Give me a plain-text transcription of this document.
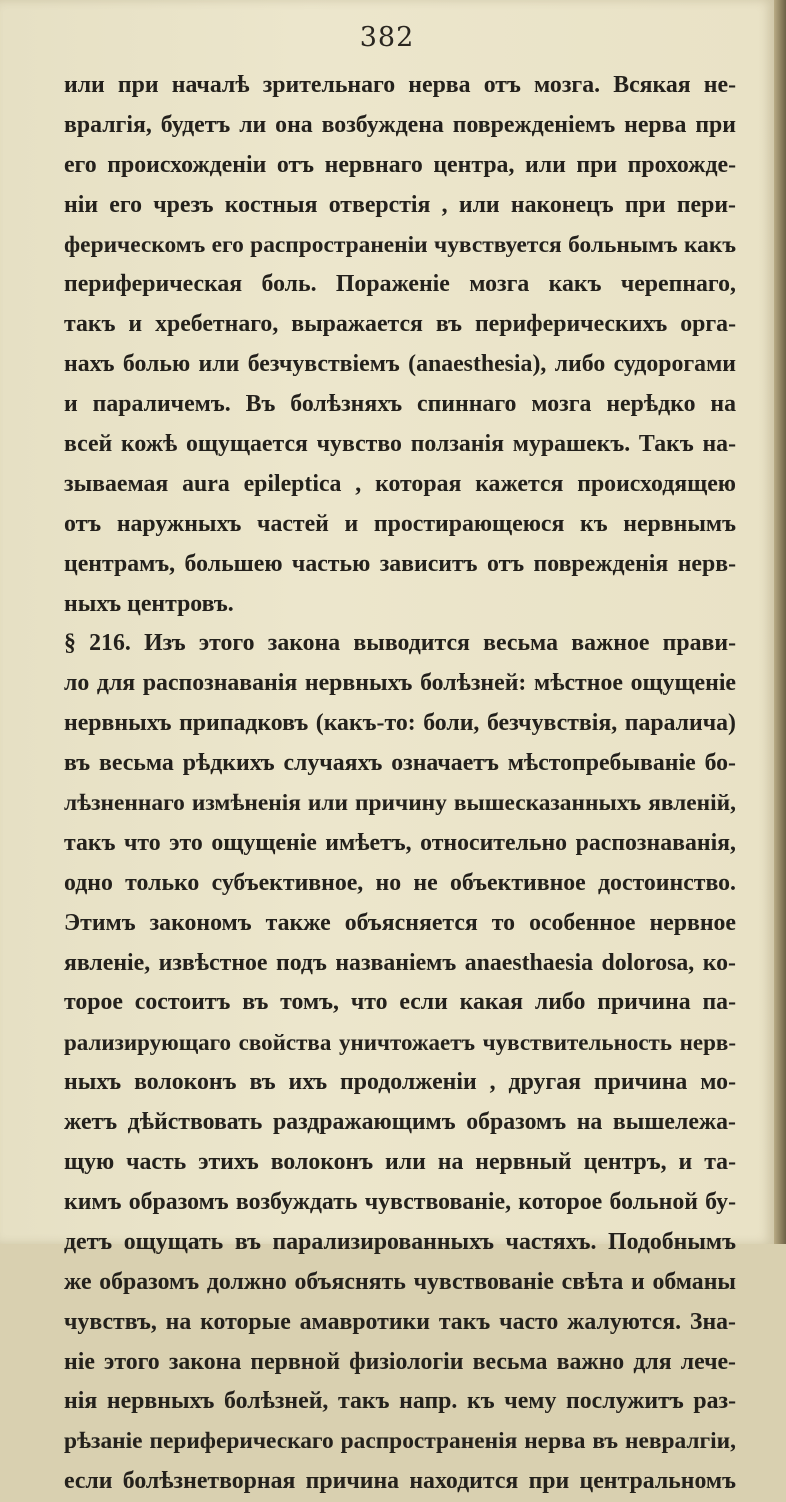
382
или при началѣ зрительнаго нерва отъ мозга. Всякая не-
вралгія, будетъ ли она возбуждена поврежденіемъ нерва при
его происхожденіи отъ нервнаго центра, или при прохожде-
ніи его чрезъ костныя отверстія , или наконецъ при пери-
ферическомъ его распространеніи чувствуется больнымъ какъ
периферическая боль. Пораженіе мозга какъ черепнаго,
такъ и хребетнаго, выражается въ периферическихъ орга-
нахъ болью или безчувствіемъ (anaesthesia), либо судорогами
и параличемъ. Въ болѣзняхъ спиннаго мозга нерѣдко на
всей кожѣ ощущается чувство ползанія мурашекъ. Такъ на-
зываемая aura epileptica , которая кажется происходящею
отъ наружныхъ частей и простирающеюся къ нервнымъ
центрамъ, большею частью зависитъ отъ поврежденія нерв-
ныхъ центровъ.
§ 216. Изъ этого закона выводится весьма важное прави-
ло для распознаванія нервныхъ болѣзней: мѣстное ощущеніе
нервныхъ припадковъ (какъ-то: боли, безчувствія, паралича)
въ весьма рѣдкихъ случаяхъ означаетъ мѣстопребываніе бо-
лѣзненнаго измѣненія или причину вышесказанныхъ явленій,
такъ что это ощущеніе имѣетъ, относительно распознаванія,
одно только субъективное, но не объективное достоинство.
Этимъ закономъ также объясняется то особенное нервное
явленіе, извѣстное подъ названіемъ anaesthaesia dolorosa, ко-
торое состоитъ въ томъ, что если какая либо причина па-
рализирующаго свойства уничтожаетъ чувствительность нерв-
ныхъ волоконъ въ ихъ продолженіи , другая причина мо-
жетъ дѣйствовать раздражающимъ образомъ на вышележа-
щую часть этихъ волоконъ или на нервный центръ, и та-
кимъ образомъ возбуждать чувствованіе, которое больной бу-
детъ ощущать въ парализированныхъ частяхъ. Подобнымъ
же образомъ должно объяснять чувствованіе свѣта и обманы
чувствъ, на которые амавротики такъ часто жалуются. Зна-
ніе этого закона первной физіологіи весьма важно для лече-
нія нервныхъ болѣзней, такъ напр. къ чему послужитъ раз-
рѣзаніе периферическаго распространенія нерва въ невралгіи,
если болѣзнетворная причина находится при центральномъ
